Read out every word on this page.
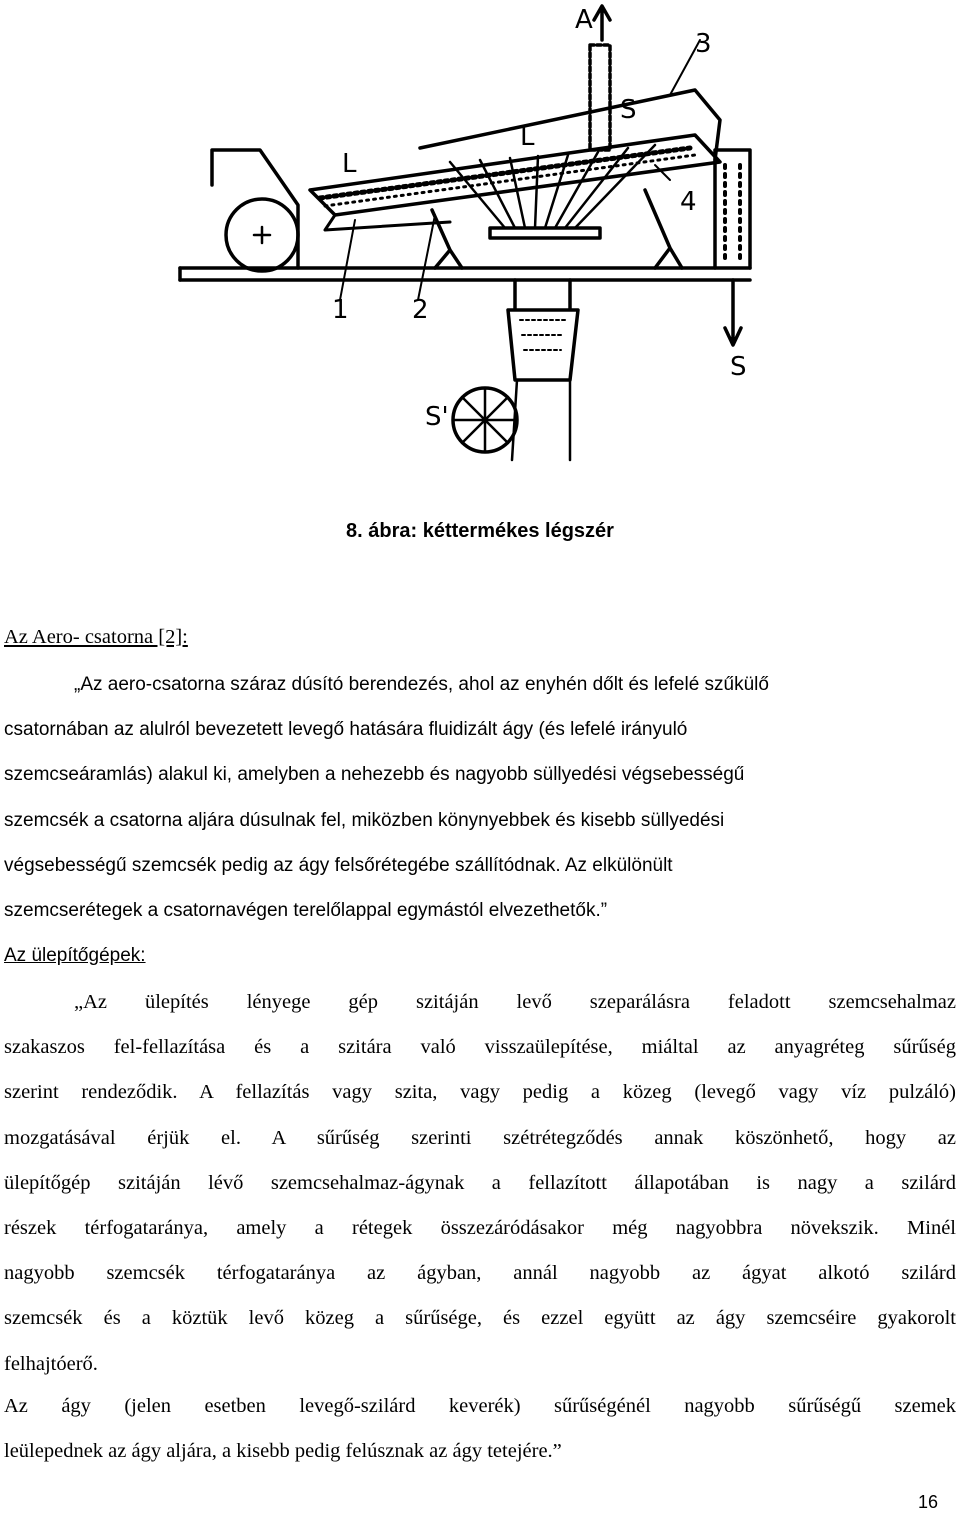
A
3
S
L
L
4
1 2
S
S'
8. ábra: kéttermékes légszér
Az Aero- csatorna [2]:
„Az aero-csatorna száraz dúsító berendezés, ahol az enyhén dőlt és lefelé szűkülő
csatornában az alulról bevezetett levegő hatására fluidizált ágy (és lefelé irányuló
szemcseáramlás) alakul ki, amelyben a nehezebb és nagyobb süllyedési végsebességű
szemcsék a csatorna aljára dúsulnak fel, miközben könynyebbek és kisebb süllyedési
végsebességű szemcsék pedig az ágy felsőrétegébe szállítódnak. Az elkülönült
szemcserétegek a csatornavégen terelőlappal egymástól elvezethetők.”
Az ülepítőgépek:
„Az ülepítés lényege gép szitáján levő szeparálásra feladott szemcsehalmaz
szakaszos fel-fellazítása és a szitára való visszaülepítése, miáltal az anyagréteg sűrűség
szerint rendeződik. A fellazítás vagy szita, vagy pedig a közeg (levegő vagy víz pulzáló)
mozgatásával érjük el. A sűrűség szerinti szétrétegződés annak köszönhető, hogy az
ülepítőgép szitáján lévő szemcsehalmaz-ágynak a fellazított állapotában is nagy a szilárd
részek térfogataránya, amely a rétegek összezáródásakor még nagyobbra növekszik. Minél
nagyobb szemcsék térfogataránya az ágyban, annál nagyobb az ágyat alkotó szilárd
szemcsék és a köztük levő közeg a sűrűsége, és ezzel együtt az ágy szemcséire gyakorolt
felhajtóerő.
Az ágy (jelen esetben levegő-szilárd keverék) sűrűségénél nagyobb sűrűségű szemek
leülepednek az ágy aljára, a kisebb pedig felúsznak az ágy tetejére.”
16
